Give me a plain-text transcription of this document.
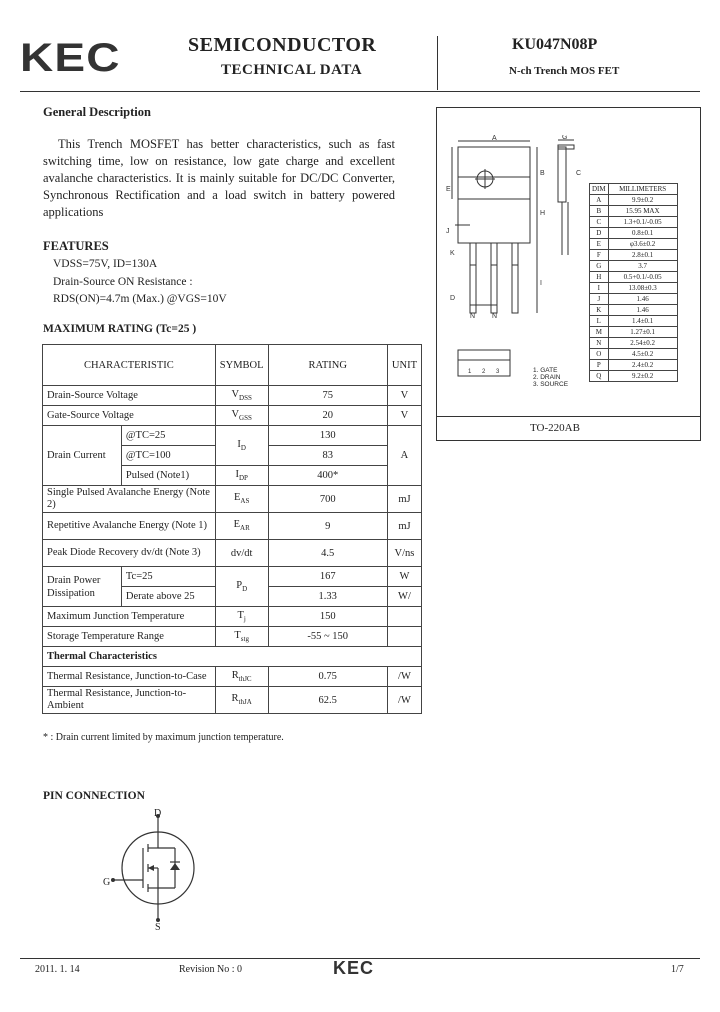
KEC	SEMICONDUCTOR
TECHNICAL DATA
KU047N08P
N-ch Trench MOS FET
General Description
This Trench MOSFET has better characteristics, such as fast switching time, low on resistance, low gate charge and excellent avalanche characteristics. It is mainly suitable for DC/DC Converter, Synchronous Rectification and a load switch in battery powered applications
FEATURES
VDSS=75V, ID=130A
Drain-Source ON Resistance :
RDS(ON)=4.7m (Max.) @VGS=10V
MAXIMUM RATING (Tc=25 )
CHARACTERISTIC		SYMBOL	RATING	UNIT
Drain-Source Voltage		$V_{DSS}$	75	V
Gate-Source Voltage		$V_{GSS}$	20	V
Drain Current	@TC=25	$I_D$	130	A
	@TC=100		83	
	Pulsed (Note1)	$I_{DP}$	400*	
Single Pulsed Avalanche Energy (Note 2)		$E_{AS}$	700	mJ
Repetitive Avalanche Energy (Note 1)		$E_{AR}$	9	mJ
Peak Diode Recovery dv/dt (Note 3)		dv/dt	4.5	V/ns
Drain Power Dissipation	Tc=25	$P_D$	167	W
	Derate above 25		1.33	W/
Maximum Junction Temperature		$T_j$	150	
Storage Temperature Range		$T_{stg}$	-55 ~ 150	
Thermal Characteristics				
Thermal Resistance, Junction-to-Case		$R_{thJC}$	0.75	/W
Thermal Resistance, Junction-to-Ambient		$R_{thJA}$	62.5	/W
* : Drain current limited by maximum junction temperature.
TO-220AB
A
B
E
H
I
J
K
D
N N
G
C
1 2 3	1. GATE
2. DRAIN
3. SOURCE
DIM	MILLIMETERS
A	9.9±0.2
B	15.95 MAX
C	1.3+0.1/-0.05
D	0.8±0.1
E	φ3.6±0.2
F	2.8±0.1
G	3.7
H	0.5+0.1/-0.05
I	13.08±0.3
J	1.46
K	1.46
L	1.4±0.1
M	1.27±0.1
N	2.54±0.2
O	4.5±0.2
P	2.4±0.2
Q	9.2±0.2
PIN CONNECTION
D
G
S
2011. 1. 14	Revision No : 0	KEC	1/7
